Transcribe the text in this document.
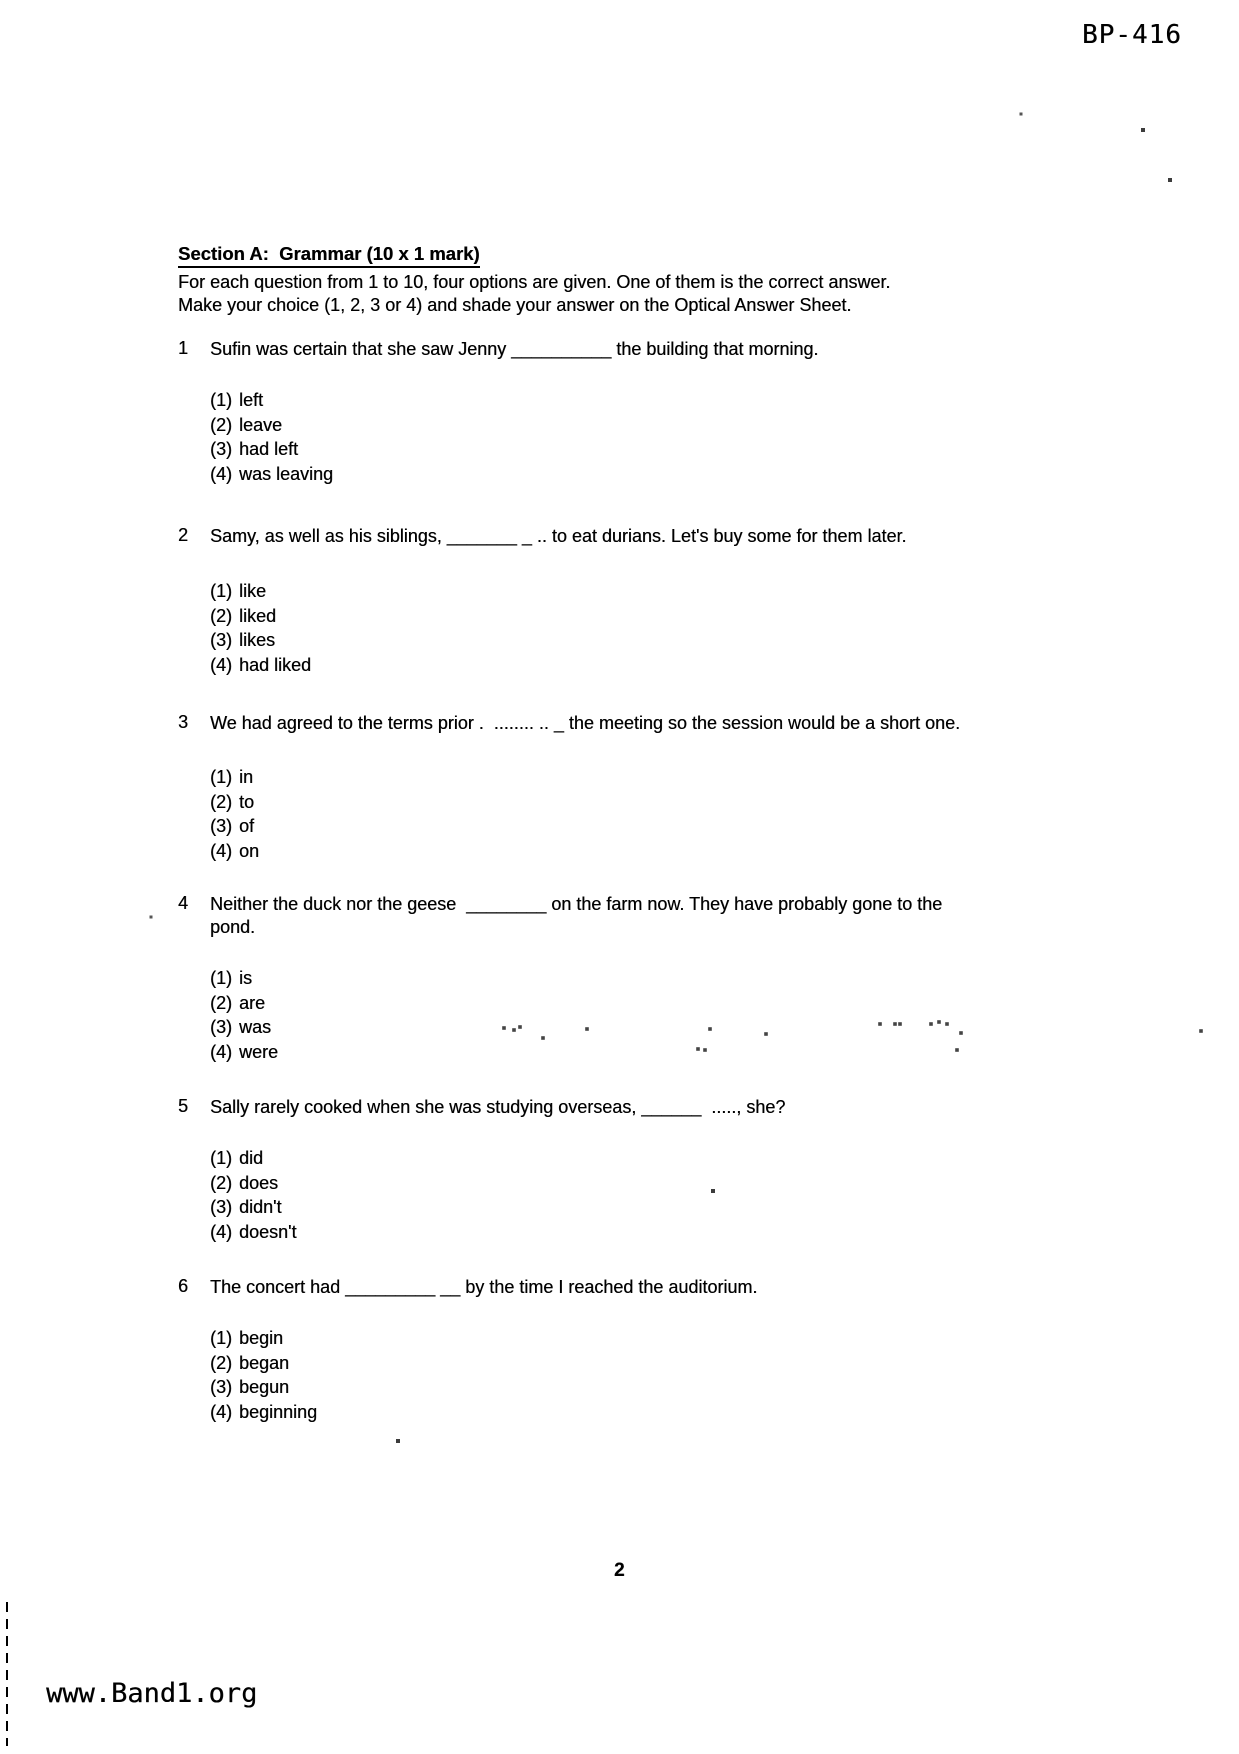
BP-416
Section A:  Grammar (10 x 1 mark)
For each question from 1 to 10, four options are given. One of them is the correct answer.
Make your choice (1, 2, 3 or 4) and shade your answer on the Optical Answer Sheet.
1	Sufin was certain that she saw Jenny __________ the building that morning.
(1) left
(2) leave
(3) had left
(4) was leaving
2	Samy, as well as his siblings, _______ _ .. to eat durians. Let's buy some for them later.
(1) like
(2) liked
(3) likes
(4) had liked
3	We had agreed to the terms prior .  ........ .. _ the meeting so the session would be a short one.
(1) in
(2) to
(3) of
(4) on
4	Neither the duck nor the geese  ________ on the farm now. They have probably gone to the
pond.
(1) is
(2) are
(3) was
(4) were
5	Sally rarely cooked when she was studying overseas, ______  ....., she?
(1) did
(2) does
(3) didn't
(4) doesn't
6	The concert had _________ __ by the time I reached the auditorium.
(1) begin
(2) began
(3) begun
(4) beginning
2
www.Band1.org
